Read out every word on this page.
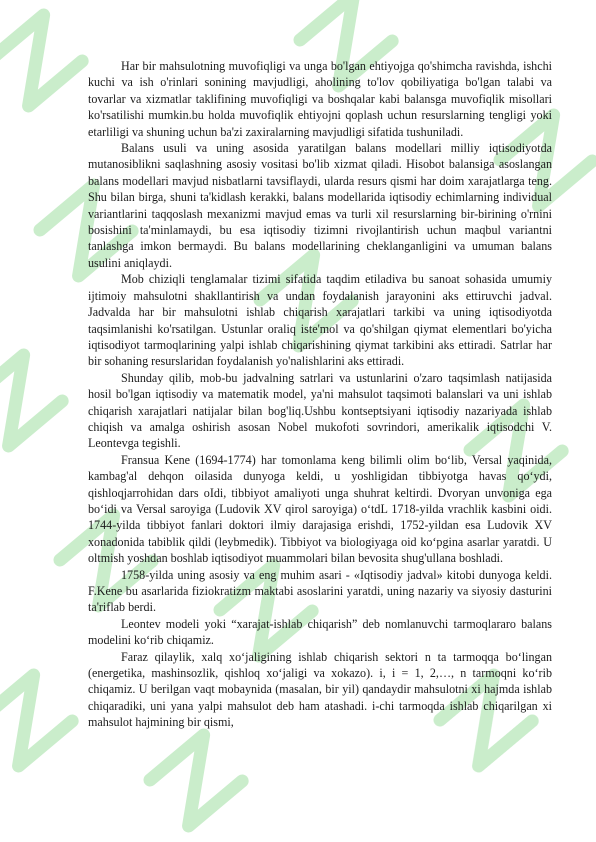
Har bir mahsulotning muvofiqligi va unga bo'lgan ehtiyojga qo'shimcha ravishda, ishchi kuchi va ish o'rinlari sonining mavjudligi, aholining to'lov qobiliyatiga bo'lgan talabi va tovarlar va xizmatlar taklifining muvofiqligi va boshqalar kabi balansga muvofiqlik misollari ko'rsatilishi mumkin.bu holda muvofiqlik ehtiyojni qoplash uchun resurslarning tengligi yoki etarliligi va shuning uchun ba'zi zaxiralarning mavjudligi sifatida tushuniladi.

Balans usuli va uning asosida yaratilgan balans modellari milliy iqtisodiyotda mutanosiblikni saqlashning asosiy vositasi bo'lib xizmat qiladi. Hisobot balansiga asoslangan balans modellari mavjud nisbatlarni tavsiflaydi, ularda resurs qismi har doim xarajatlarga teng. Shu bilan birga, shuni ta'kidlash kerakki, balans modellarida iqtisodiy echimlarning individual variantlarini taqqoslash mexanizmi mavjud emas va turli xil resurslarning bir-birining o'rnini bosishini ta'minlamaydi, bu esa iqtisodiy tizimni rivojlantirish uchun maqbul variantni tanlashga imkon bermaydi. Bu balans modellarining cheklanganligini va umuman balans usulini aniqlaydi.

Mob chiziqli tenglamalar tizimi sifatida taqdim etiladiva bu sanoat sohasida umumiy ijtimoiy mahsulotni shakllantirish va undan foydalanish jarayonini aks ettiruvchi jadval. Jadvalda har bir mahsulotni ishlab chiqarish xarajatlari tarkibi va uning iqtisodiyotda taqsimlanishi ko'rsatilgan. Ustunlar oraliq iste'mol va qo'shilgan qiymat elementlari bo'yicha iqtisodiyot tarmoqlarining yalpi ishlab chiqarishining qiymat tarkibini aks ettiradi. Satrlar har bir sohaning resurslaridan foydalanish yo'nalishlarini aks ettiradi.

Shunday qilib, mob-bu jadvalning satrlari va ustunlarini o'zaro taqsimlash natijasida hosil bo'lgan iqtisodiy va matematik model, ya'ni mahsulot taqsimoti balanslari va uni ishlab chiqarish xarajatlari natijalar bilan bog'liq.Ushbu kontseptsiyani iqtisodiy nazariyada ishlab chiqish va amalga oshirish asosan Nobel mukofoti sovrindori, amerikalik iqtisodchi V. Leontevga tegishli.

Fransua Kene (1694-1774) har tomonlama keng bilimli olim bo‘lib, Versal yaqinida, kambag'al dehqon oilasida dunyoga keldi, u yoshligidan tibbiyotga havas qo‘ydi, qishloqjarrohidan dars oIdi, tibbiyot amaliyoti unga shuhrat keltirdi. Dvoryan unvoniga ega bo‘idi va Versal saroyiga (Ludovik XV qirol saroyiga) o‘tdL 1718-yilda vrachlik kasbini oidi. 1744-yilda tibbiyot fanlari doktori ilmiy darajasiga erishdi, 1752-yildan esa Ludovik XV xonadonida tabiblik qildi (leybmedik). Tibbiyot va biologiyaga oid ko‘pgina asarlar yaratdi. U oltmish yoshdan boshlab iqtisodiyot muammolari bilan bevosita shug'ullana boshladi.

1758-yilda uning asosiy va eng muhim asari - «Iqtisodiy jadval» kitobi dunyoga keldi. F.Kene bu asarlarida fiziokratizm maktabi asoslarini yaratdi, uning nazariy va siyosiy dasturini ta'riflab berdi.

Leontev modeli yoki “xarajat-ishlab chiqarish” deb nomlanuvchi tarmoqlararo balans modelini ko‘rib chiqamiz.

Faraz qilaylik, xalq xo‘jaligining ishlab chiqarish sektori n ta tarmoqqa bo‘lingan (energetika, mashinsozlik, qishloq xo‘jaligi va xokazo). i, i = 1, 2,…, n tarmoqni ko‘rib chiqamiz. U berilgan vaqt mobaynida (masalan, bir yil) qandaydir mahsulotni xi hajmda ishlab chiqaradiki, uni yana yalpi mahsulot deb ham atashadi. i-chi tarmoqda ishlab chiqarilgan xi mahsulot hajmining bir qismi,
